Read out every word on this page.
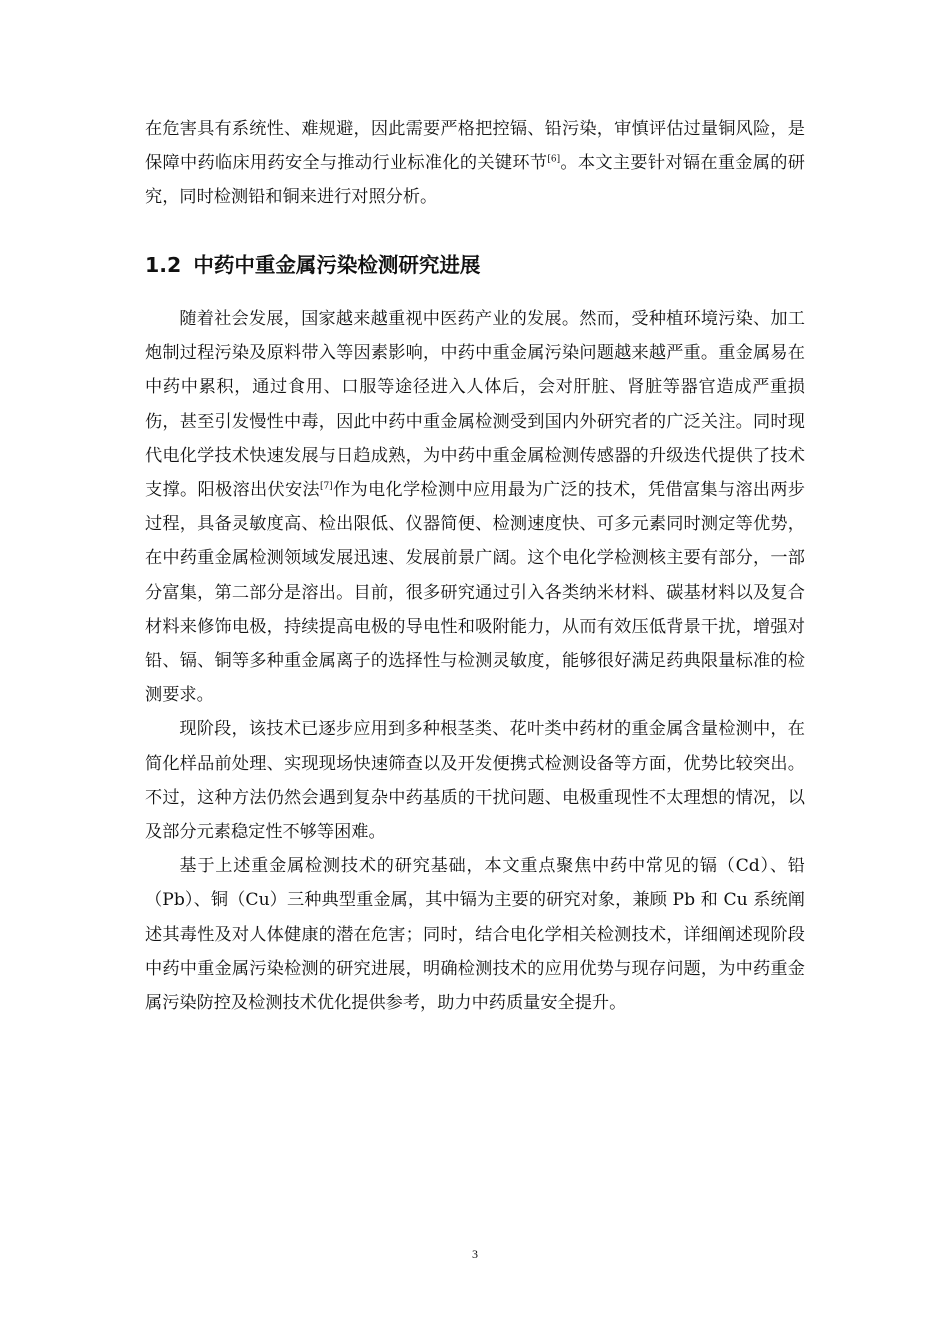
在危害具有系统性、难规避，因此需要严格把控镉、铅污染，审慎评估过量铜风险，是保障中药临床用药安全与推动行业标准化的关键环节[6]。本文主要针对镉在重金属的研究，同时检测铅和铜来进行对照分析。

1.2 中药中重金属污染检测研究进展

随着社会发展，国家越来越重视中医药产业的发展。然而，受种植环境污染、加工炮制过程污染及原料带入等因素影响，中药中重金属污染问题越来越严重。重金属易在中药中累积，通过食用、口服等途径进入人体后，会对肝脏、肾脏等器官造成严重损伤，甚至引发慢性中毒，因此中药中重金属检测受到国内外研究者的广泛关注。同时现代电化学技术快速发展与日趋成熟，为中药中重金属检测传感器的升级迭代提供了技术支撑。阳极溶出伏安法[7]作为电化学检测中应用最为广泛的技术，凭借富集与溶出两步过程，具备灵敏度高、检出限低、仪器简便、检测速度快、可多元素同时测定等优势，在中药重金属检测领域发展迅速、发展前景广阔。这个电化学检测核主要有部分，一部分富集，第二部分是溶出。目前，很多研究通过引入各类纳米材料、碳基材料以及复合材料来修饰电极，持续提高电极的导电性和吸附能力，从而有效压低背景干扰，增强对铅、镉、铜等多种重金属离子的选择性与检测灵敏度，能够很好满足药典限量标准的检测要求。

现阶段，该技术已逐步应用到多种根茎类、花叶类中药材的重金属含量检测中，在简化样品前处理、实现现场快速筛查以及开发便携式检测设备等方面，优势比较突出。不过，这种方法仍然会遇到复杂中药基质的干扰问题、电极重现性不太理想的情况，以及部分元素稳定性不够等困难。

基于上述重金属检测技术的研究基础，本文重点聚焦中药中常见的镉（Cd）、铅（Pb）、铜（Cu）三种典型重金属，其中镉为主要的研究对象，兼顾 Pb 和 Cu 系统阐述其毒性及对人体健康的潜在危害；同时，结合电化学相关检测技术，详细阐述现阶段中药中重金属污染检测的研究进展，明确检测技术的应用优势与现存问题，为中药重金属污染防控及检测技术优化提供参考，助力中药质量安全提升。

3
